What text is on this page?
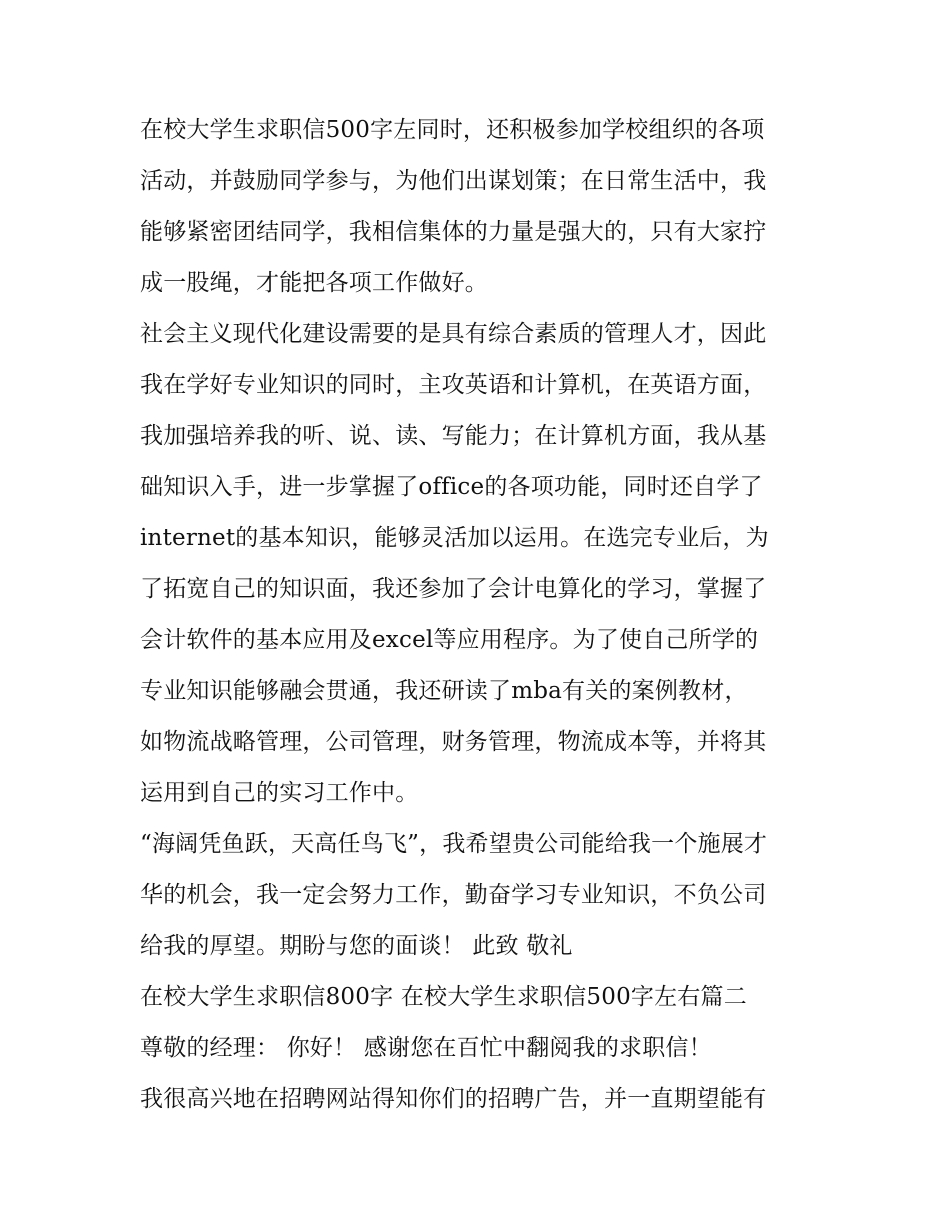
在校大学生求职信500字左同时，还积极参加学校组织的各项

活动，并鼓励同学参与，为他们出谋划策；在日常生活中，我

能够紧密团结同学，我相信集体的力量是强大的，只有大家拧

成一股绳，才能把各项工作做好。

社会主义现代化建设需要的是具有综合素质的管理人才，因此

我在学好专业知识的同时，主攻英语和计算机，在英语方面，

我加强培养我的听、说、读、写能力；在计算机方面，我从基

础知识入手，进一步掌握了office的各项功能，同时还自学了

internet的基本知识，能够灵活加以运用。在选完专业后，为

了拓宽自己的知识面，我还参加了会计电算化的学习，掌握了

会计软件的基本应用及excel等应用程序。为了使自己所学的

专业知识能够融会贯通，我还研读了mba有关的案例教材，

如物流战略管理，公司管理，财务管理，物流成本等，并将其

运用到自己的实习工作中。

“海阔凭鱼跃，天高任鸟飞”，我希望贵公司能给我一个施展才

华的机会，我一定会努力工作，勤奋学习专业知识，不负公司

给我的厚望。期盼与您的面谈！ 此致 敬礼

在校大学生求职信800字 在校大学生求职信500字左右篇二

尊敬的经理： 你好！ 感谢您在百忙中翻阅我的求职信！

我很高兴地在招聘网站得知你们的招聘广告，并一直期望能有
